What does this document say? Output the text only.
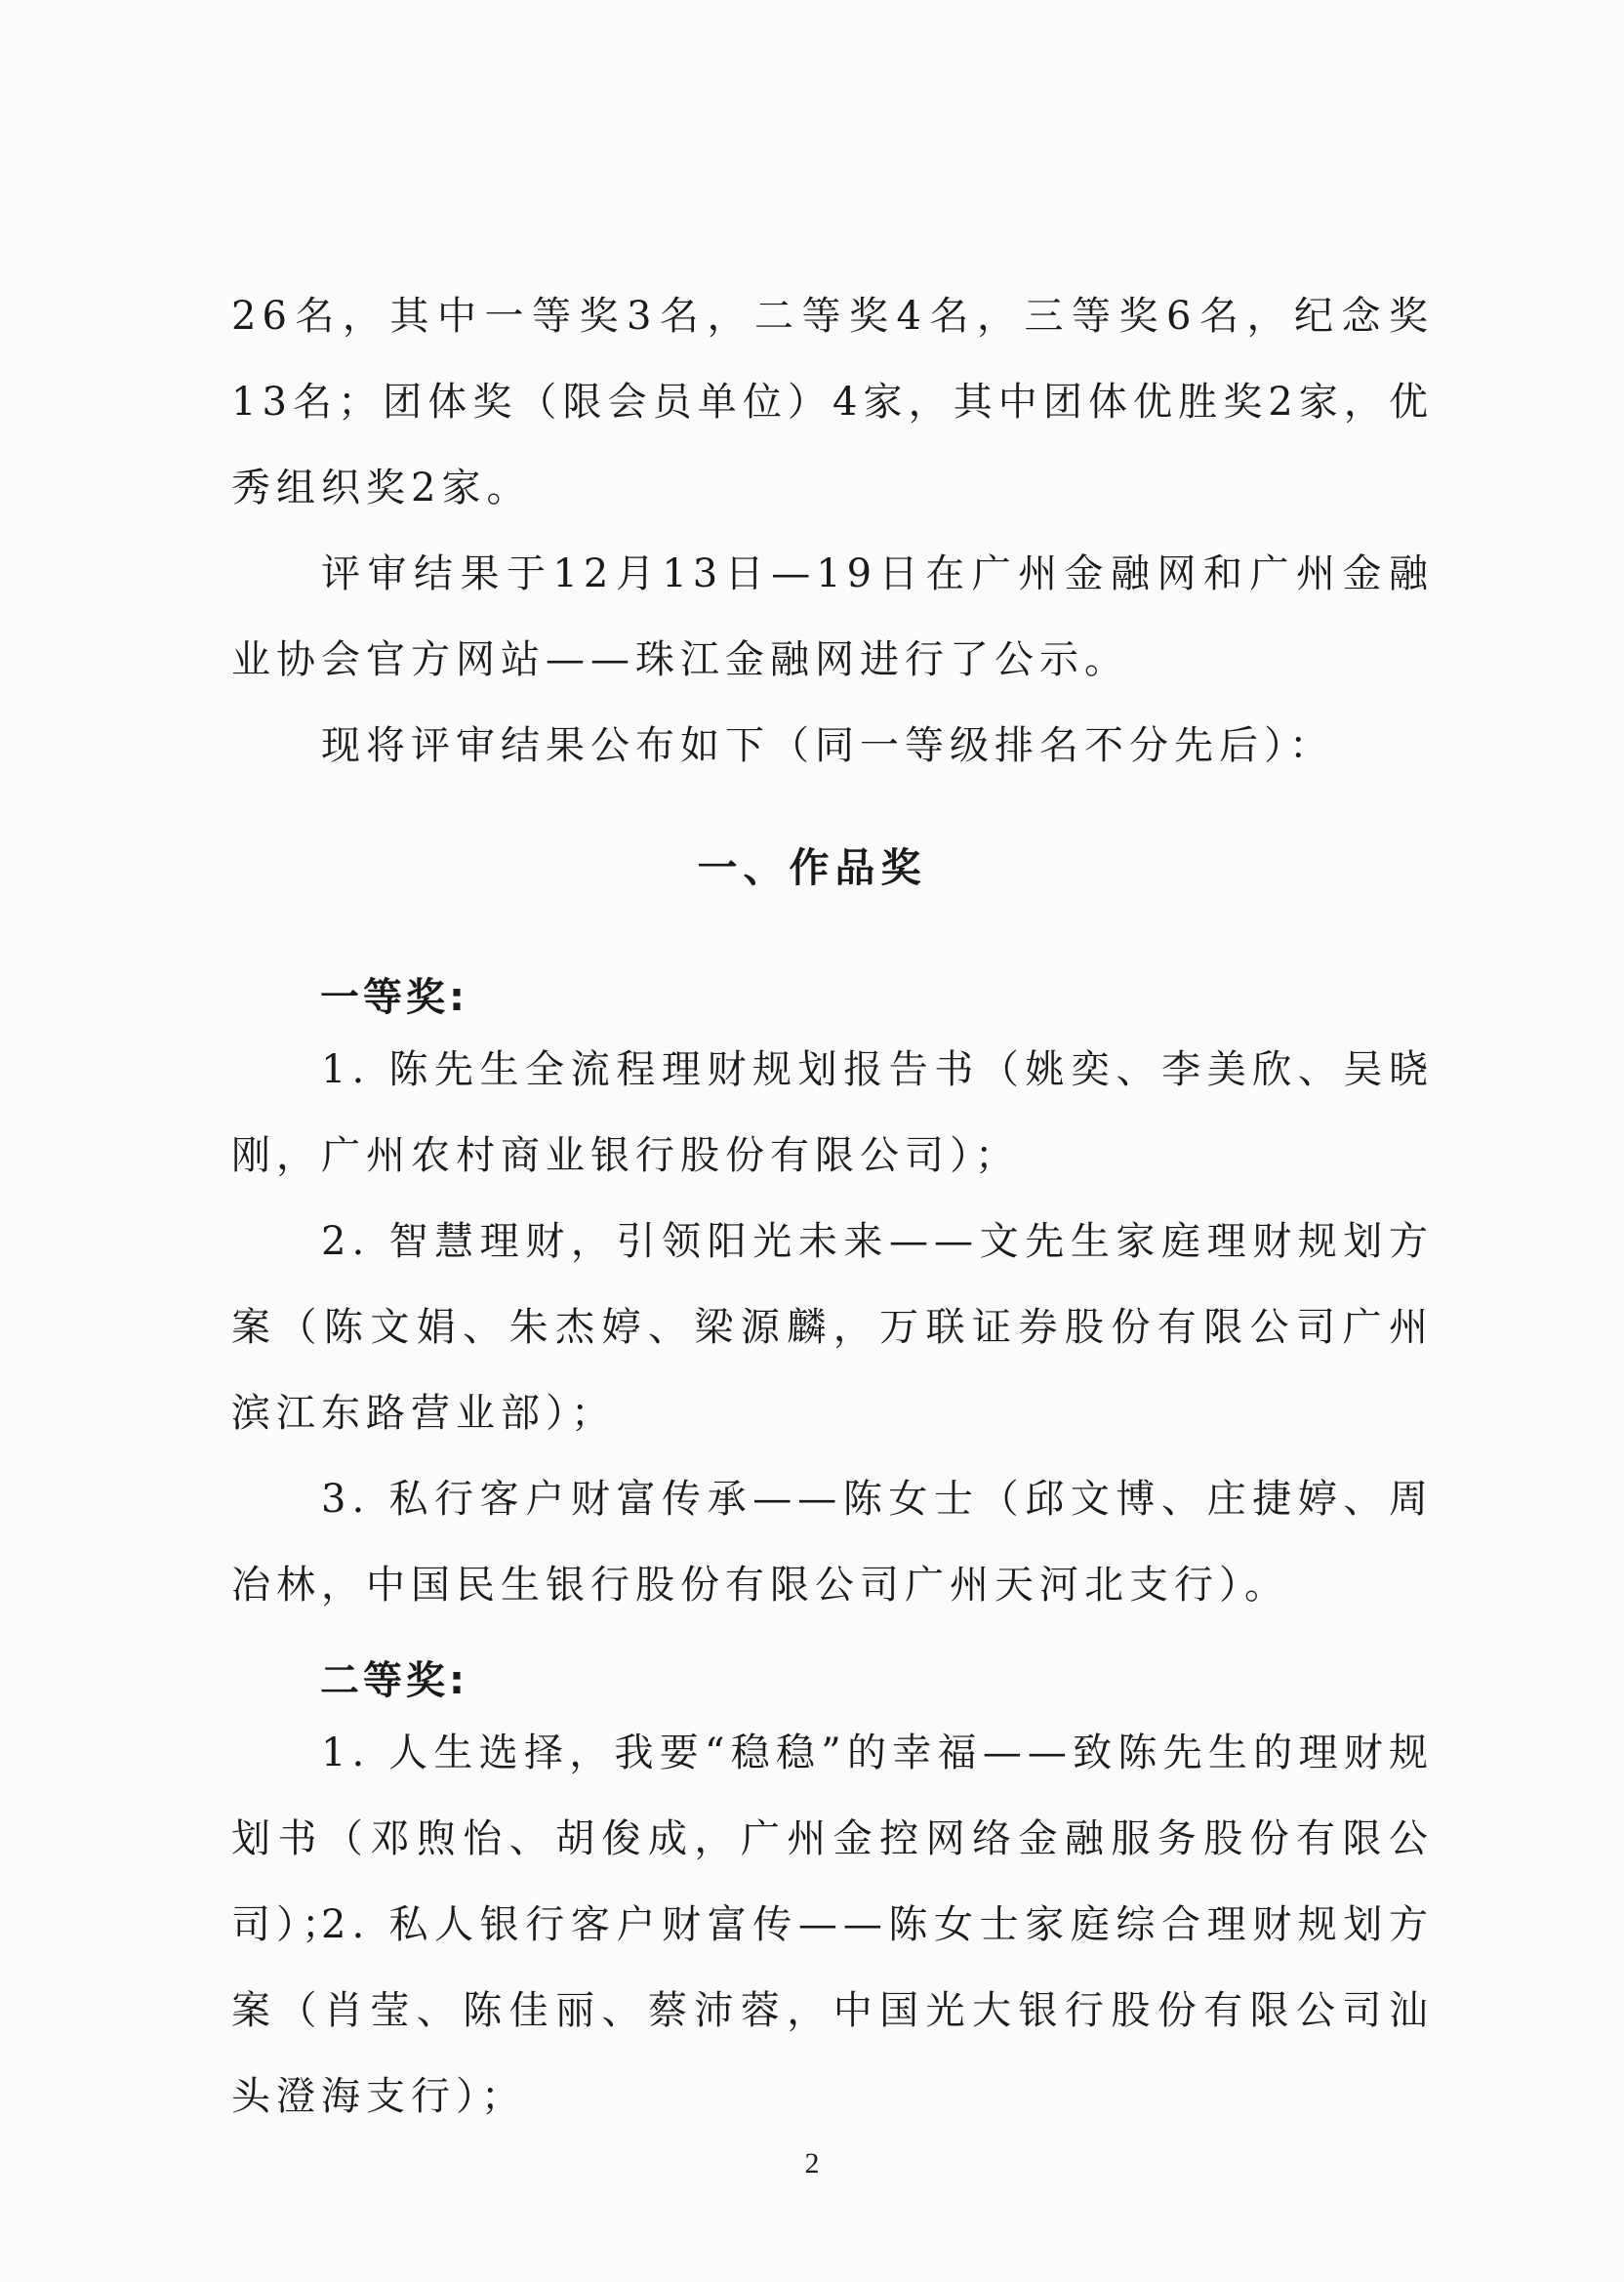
26名，其中一等奖3名，二等奖4名，三等奖6名，纪念奖13名；团体奖（限会员单位）4家，其中团体优胜奖2家，优秀组织奖2家。
评审结果于12月13日—19日在广州金融网和广州金融业协会官方网站——珠江金融网进行了公示。
现将评审结果公布如下（同一等级排名不分先后）：
一、作品奖
一等奖:
1. 陈先生全流程理财规划报告书（姚奕、李美欣、吴晓刚，广州农村商业银行股份有限公司）；
2. 智慧理财，引领阳光未来——文先生家庭理财规划方案（陈文娟、朱杰婷、梁源麟，万联证券股份有限公司广州滨江东路营业部）；
3. 私行客户财富传承——陈女士（邱文博、庄捷婷、周冶林，中国民生银行股份有限公司广州天河北支行）。
二等奖:
1. 人生选择，我要“稳稳”的幸福——致陈先生的理财规划书（邓煦怡、胡俊成，广州金控网络金融服务股份有限公司）；
2. 私人银行客户财富传——陈女士家庭综合理财规划方案（肖莹、陈佳丽、蔡沛蓉，中国光大银行股份有限公司汕头澄海支行）；
2
